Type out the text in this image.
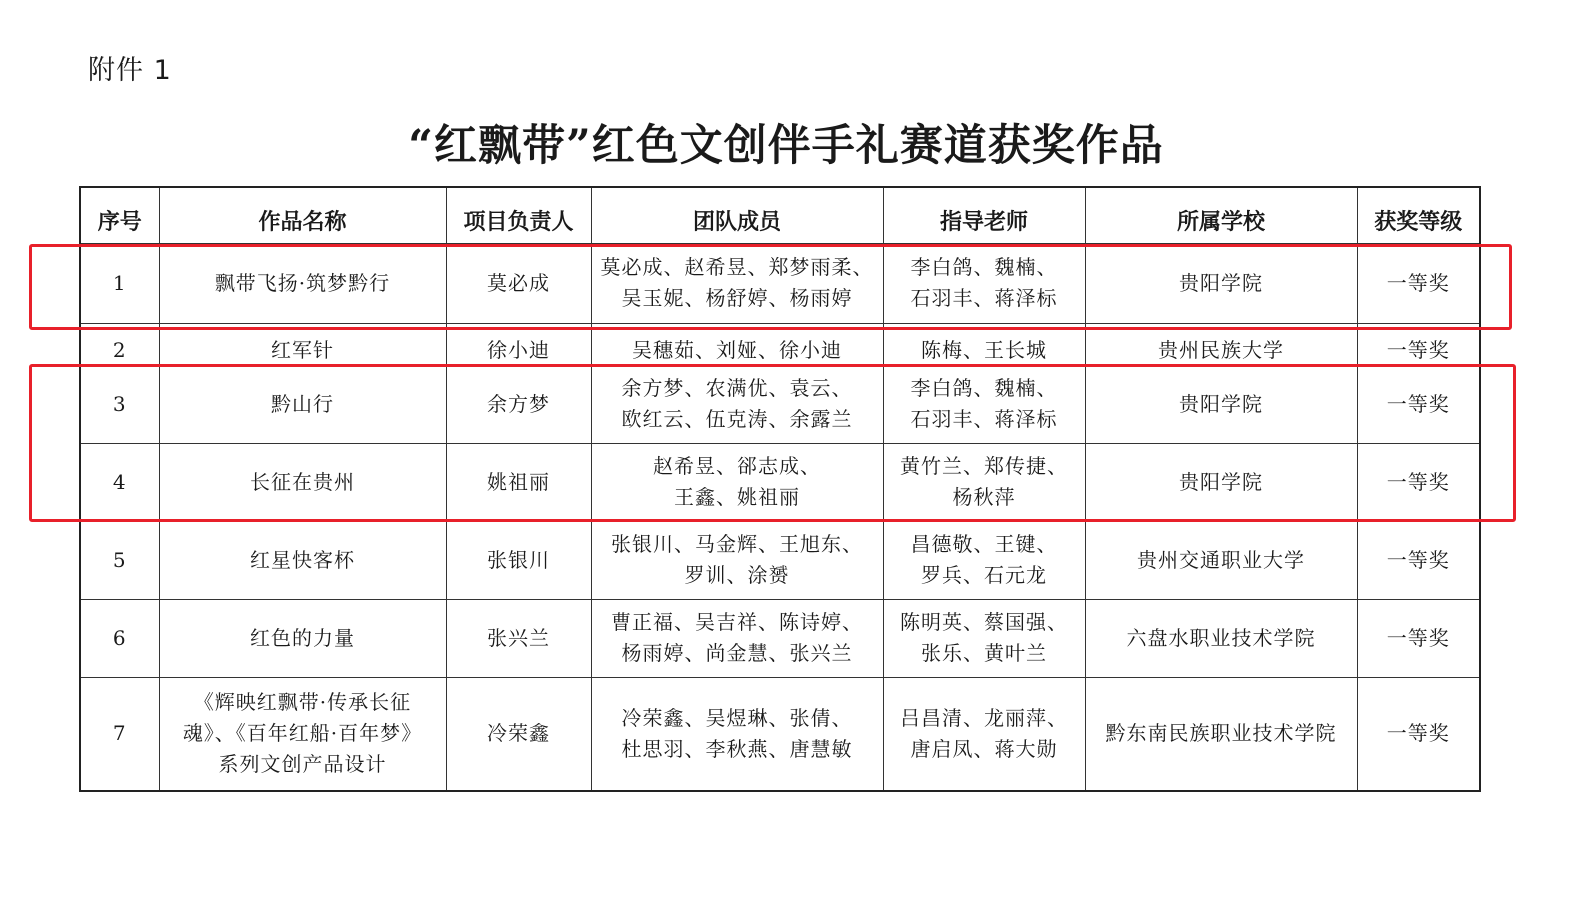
附件 1
“红飘带”红色文创伴手礼赛道获奖作品
序号	作品名称	项目负责人	团队成员	指导老师	所属学校	获奖等级
1	飘带飞扬·筑梦黔行	莫必成	莫必成、赵希昱、郑梦雨柔、
吴玉妮、杨舒婷、杨雨婷	李白鸽、魏楠、
石羽丰、蒋泽标	贵阳学院	一等奖
2	红军针	徐小迪	吴穗茹、刘娅、徐小迪	陈梅、王长城	贵州民族大学	一等奖
3	黔山行	余方梦	余方梦、农满优、袁云、
欧红云、伍克涛、余露兰	李白鸽、魏楠、
石羽丰、蒋泽标	贵阳学院	一等奖
4	长征在贵州	姚祖丽	赵希昱、郤志成、
王鑫、姚祖丽	黄竹兰、郑传捷、
杨秋萍	贵阳学院	一等奖
5	红星快客杯	张银川	张银川、马金辉、王旭东、
罗训、涂赟	昌德敬、王键、
罗兵、石元龙	贵州交通职业大学	一等奖
6	红色的力量	张兴兰	曹正福、吴吉祥、陈诗婷、
杨雨婷、尚金慧、张兴兰	陈明英、蔡国强、
张乐、黄叶兰	六盘水职业技术学院	一等奖
7	《辉映红飘带·传承长征
魂》、《百年红船·百年梦》
系列文创产品设计	冷荣鑫	冷荣鑫、吴煜琳、张倩、
杜思羽、李秋燕、唐慧敏	吕昌清、龙丽萍、
唐启凤、蒋大勋	黔东南民族职业技术学院	一等奖
